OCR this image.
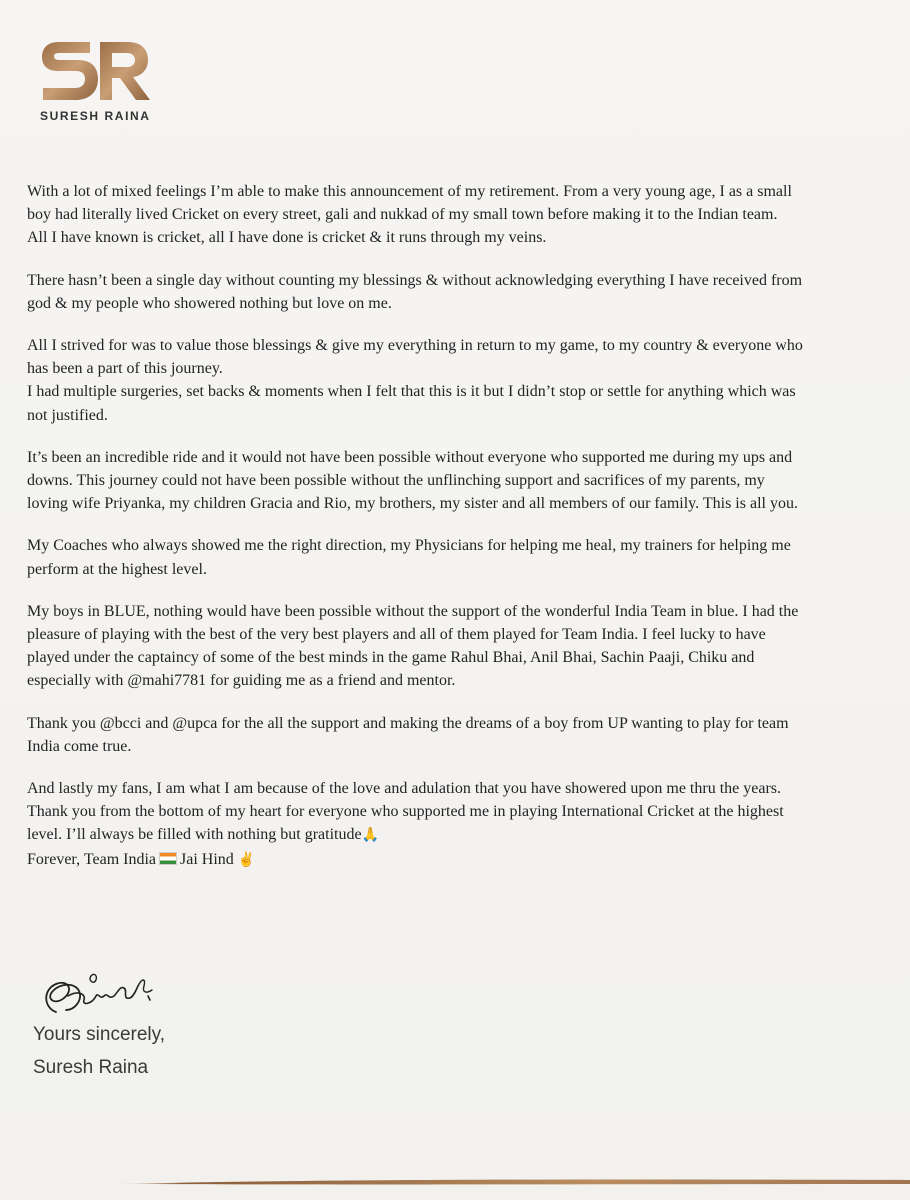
SURESH RAINA
With a lot of mixed feelings I’m able to make this announcement of my retirement. From a very young age, I as a small
boy had literally lived Cricket on every street, gali and nukkad of my small town before making it to the Indian team.
All I have known is cricket, all I have done is cricket & it runs through my veins.
There hasn’t been a single day without counting my blessings & without acknowledging everything I have received from
god & my people who showered nothing but love on me.
All I strived for was to value those blessings & give my everything in return to my game, to my country & everyone who
has been a part of this journey.
I had multiple surgeries, set backs & moments when I felt that this is it but I didn’t stop or settle for anything which was
not justified.
It’s been an incredible ride and it would not have been possible without everyone who supported me during my ups and
downs. This journey could not have been possible without the unflinching support and sacrifices of my parents, my
loving wife Priyanka, my children Gracia and Rio, my brothers, my sister and all members of our family. This is all you.
My Coaches who always showed me the right direction, my Physicians for helping me heal, my trainers for helping me
perform at the highest level.
My boys in BLUE, nothing would have been possible without the support of the wonderful India Team in blue. I had the
pleasure of playing with the best of the very best players and all of them played for Team India. I feel lucky to have
played under the captaincy of some of the best minds in the game Rahul Bhai, Anil Bhai, Sachin Paaji, Chiku and
especially with @mahi7781 for guiding me as a friend and mentor.
Thank you @bcci and @upca for the all the support and making the dreams of a boy from UP wanting to play for team
India come true.
And lastly my fans, I am what I am because of the love and adulation that you have showered upon me thru the years.
Thank you from the bottom of my heart for everyone who supported me in playing International Cricket at the highest
level. I’ll always be filled with nothing but gratitude🙏
Forever, Team India Jai Hind ✌️
Yours sincerely,
Suresh Raina
